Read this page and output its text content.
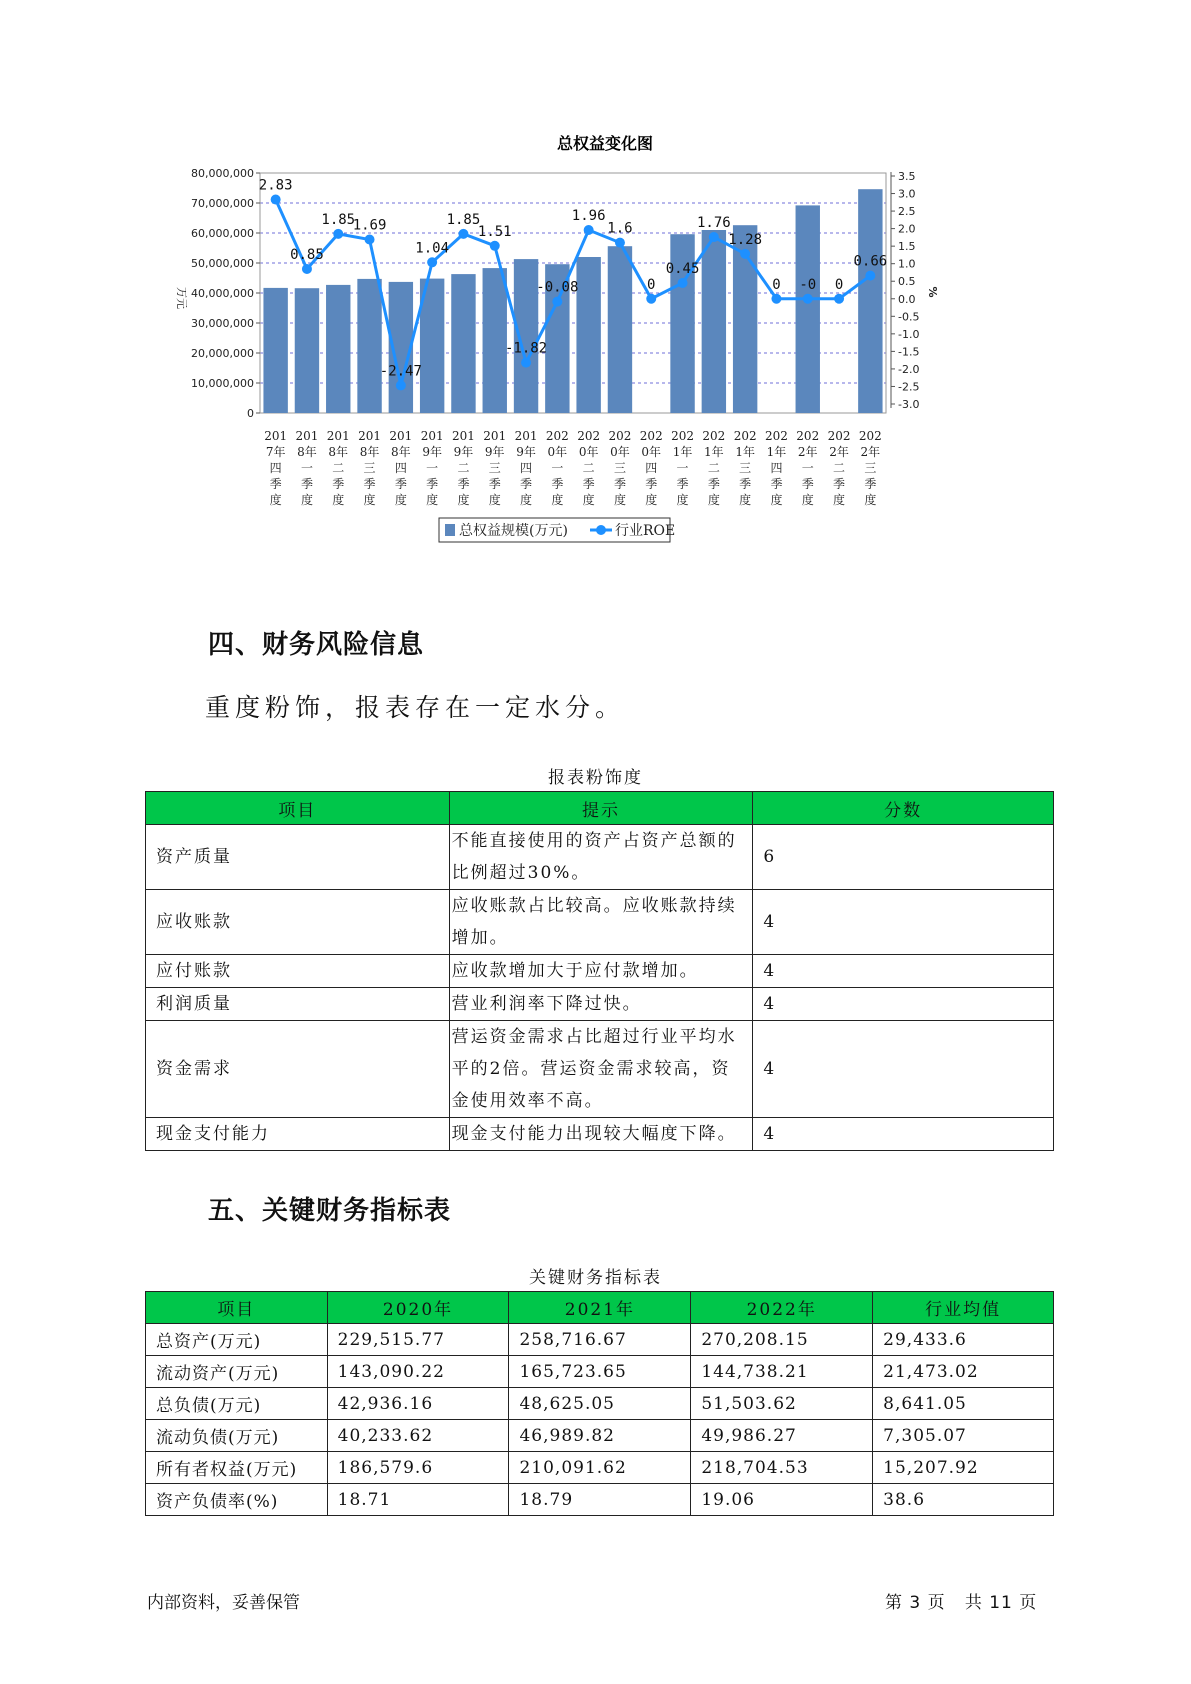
总权益变化图
2.83
0.85
1.85
1.69
-2.47
1.04
1.85
1.51
-1.82
-0.08
1.96
1.6
0
0.45
1.76
1.28
0 -0 0
0.66
80,000,000
70,000,000
60,000,000
50,000,000
40,000,000
30,000,000
20,000,000
10,000,000
0
3.5
3.0
2.5
2.0
1.5
1.0
0.5
0.0
-0.5
-1.0
-1.5
-2.0
-2.5
-3.0
201 7年四季度
201 8年一季度
201 8年二季度
201 8年三季度
201 8年四季度
201 9年一季度
201 9年二季度
201 9年三季度
201 9年四季度
202 0年一季度
202 0年二季度
202 0年三季度
202 0年四季度
202 1年一季度
202 1年二季度
202 1年三季度
202 1年四季度
202 2年一季度
202 2年二季度
202 2年三季度
万元	%
总权益规模(万元)	行业ROE
四、财务风险信息
重度粉饰，报表存在一定水分。
报表粉饰度
项目	提示	分数
资产质量	不能直接使用的资产占资产总额的比例超过30%。	6
应收账款	应收账款占比较高。应收账款持续增加。	4
应付账款	应收款增加大于应付款增加。	4
利润质量	营业利润率下降过快。	4
资金需求	营运资金需求占比超过行业平均水平的2倍。营运资金需求较高，资金使用效率不高。	4
现金支付能力	现金支付能力出现较大幅度下降。	4
五、关键财务指标表
关键财务指标表
项目	2020年	2021年	2022年	行业均值
总资产(万元)	229,515.77	258,716.67	270,208.15	29,433.6
流动资产(万元)	143,090.22	165,723.65	144,738.21	21,473.02
总负债(万元)	42,936.16	48,625.05	51,503.62	8,641.05
流动负债(万元)	40,233.62	46,989.82	49,986.27	7,305.07
所有者权益(万元)	186,579.6	210,091.62	218,704.53	15,207.92
资产负债率(%)	18.71	18.79	19.06	38.6
内部资料，妥善保管	第 3 页   共 11 页
